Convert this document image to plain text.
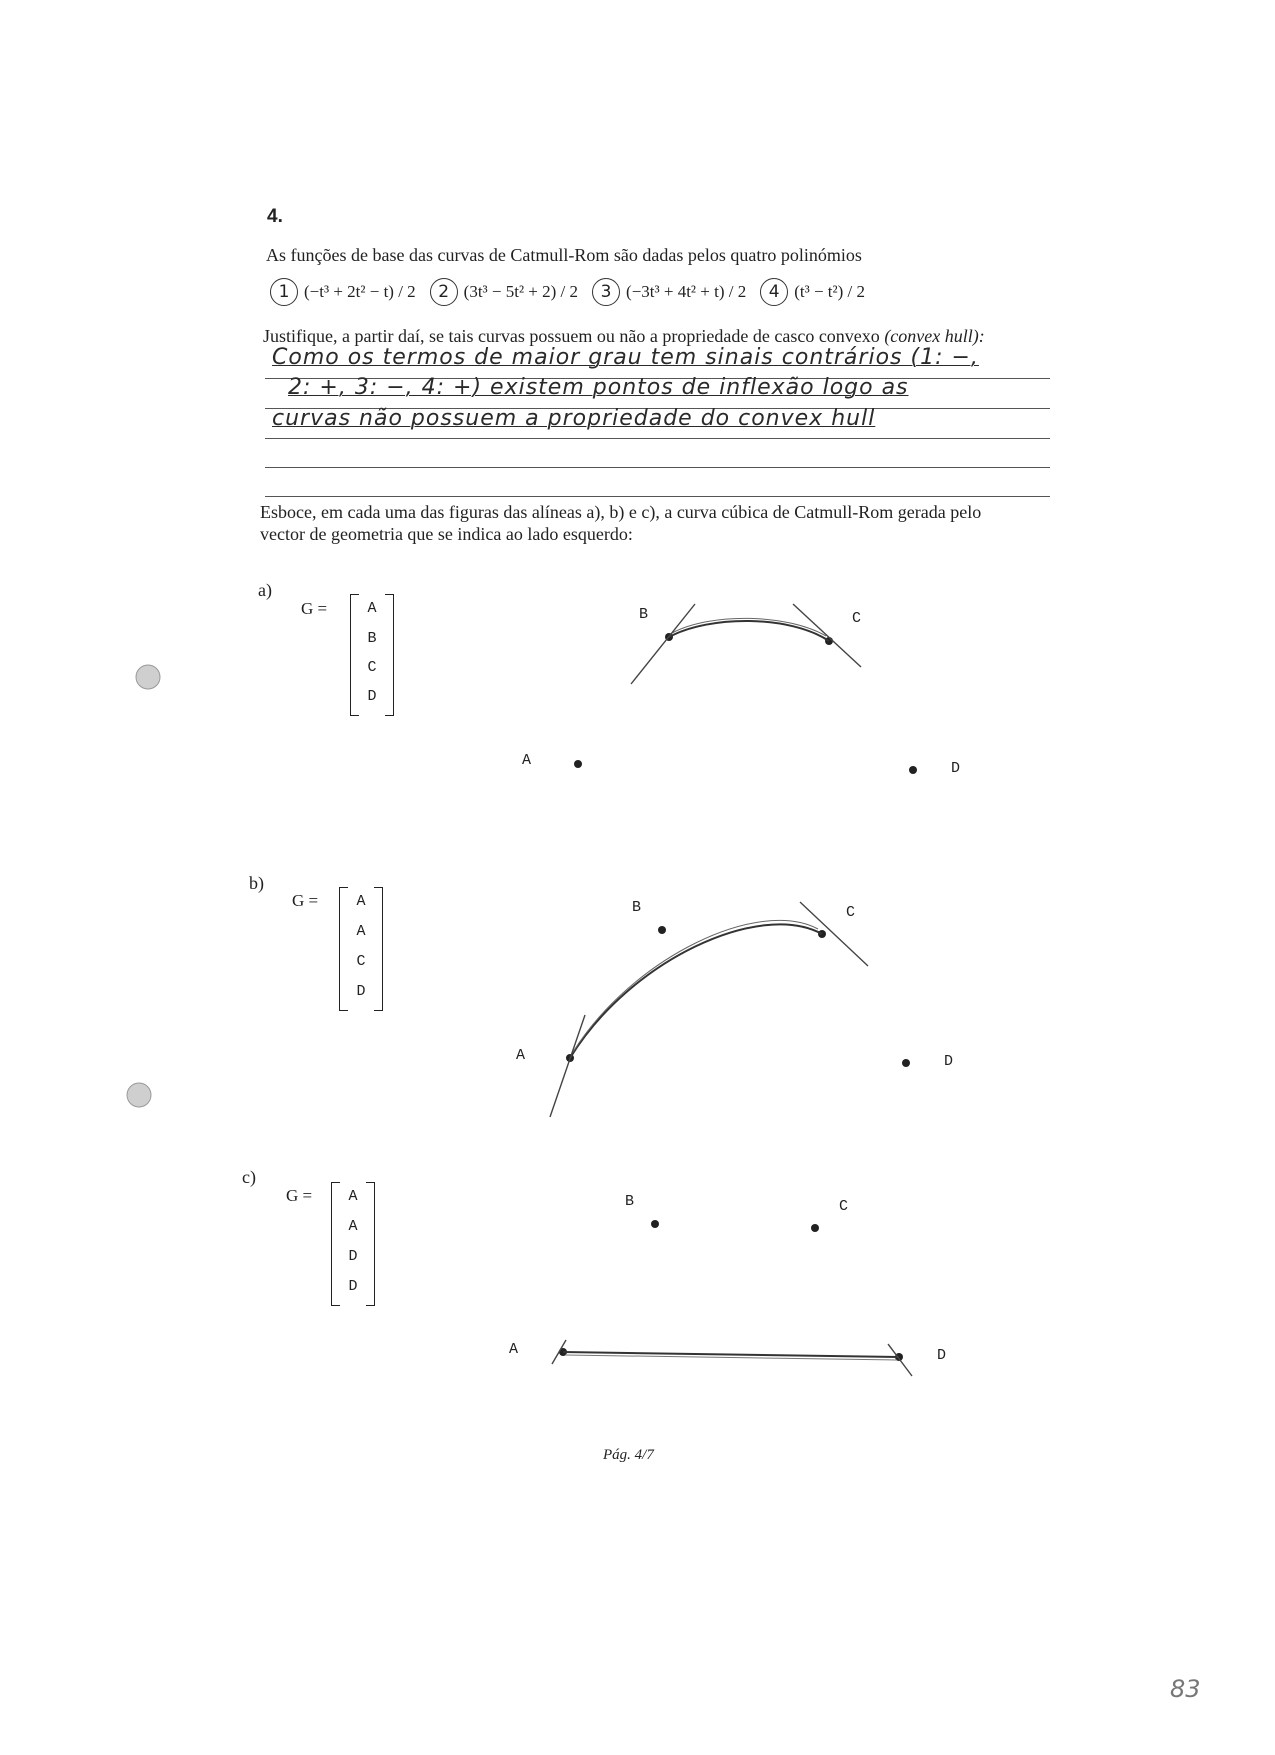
4.
As funções de base das curvas de Catmull-Rom são dadas pelos quatro polinómios
1 (−t³ + 2t² − t) / 2	2 (3t³ − 5t² + 2) / 2	3 (−3t³ + 4t² + t) / 2	4 (t³ − t²) / 2
Justifique, a partir daí, se tais curvas possuem ou não a propriedade de casco convexo (convex hull):
Como os termos de maior grau tem sinais contrários (1: −,
2: +, 3: −, 4: +) existem pontos de inflexão logo as
curvas não possuem a propriedade do convex hull
Esboce, em cada uma das figuras das alíneas a), b) e c), a curva cúbica de Catmull-Rom gerada pelo
vector de geometria que se indica ao lado esquerdo:
a)
G =	A
B
C
D
b)
G =	A
A
C
D
c)
G =	A
A
D
D
A
B	C
D
A
B	C
D
A
B	C
D
Pág. 4/7
83
